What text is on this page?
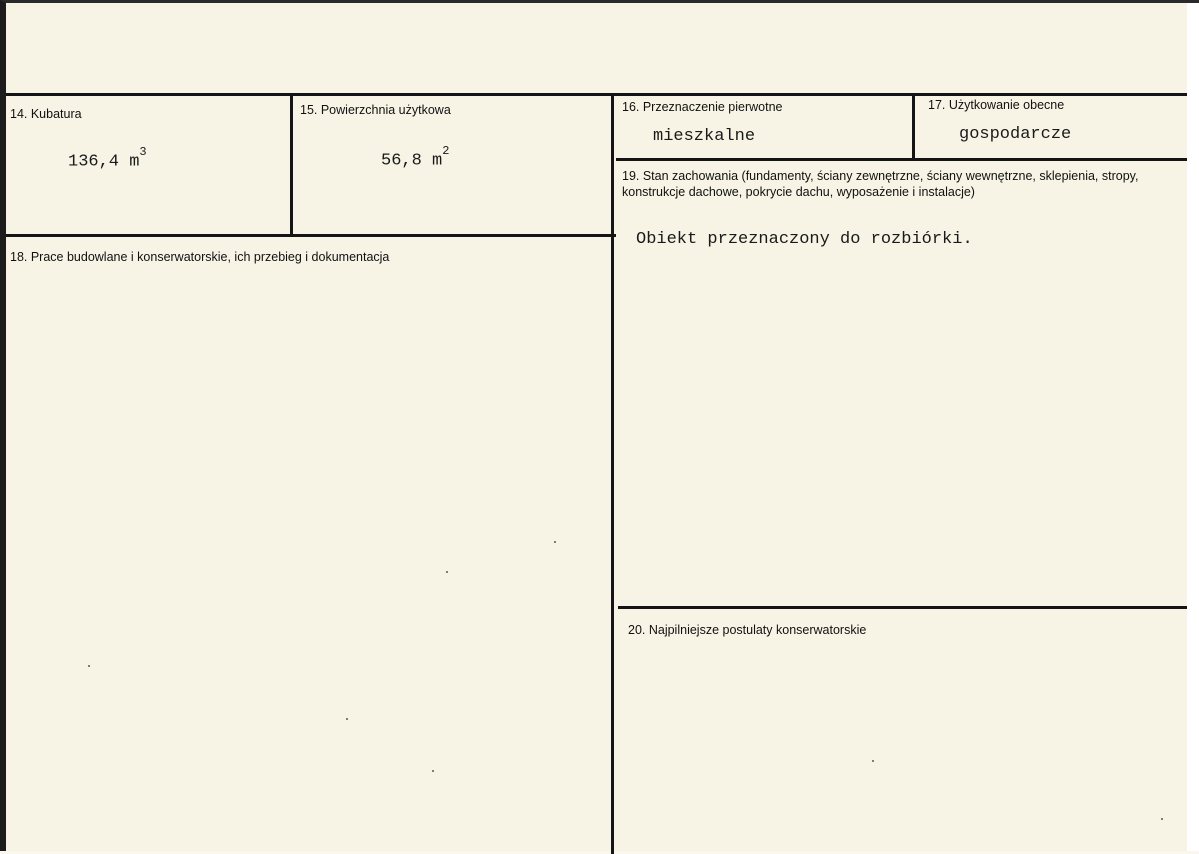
14. Kubatura
136,4 $m^3$
15. Powierzchnia użytkowa
56,8 $m^2$
16. Przeznaczenie pierwotne
mieszkalne
17. Użytkowanie obecne
gospodarcze
19. Stan zachowania (fundamenty, ściany zewnętrzne, ściany wewnętrzne, sklepienia, stropy, konstrukcje dachowe, pokrycie dachu, wyposażenie i instalacje)
Obiekt przeznaczony do rozbiórki.
18. Prace budowlane i konserwatorskie, ich przebieg i dokumentacja
20. Najpilniejsze postulaty konserwatorskie
